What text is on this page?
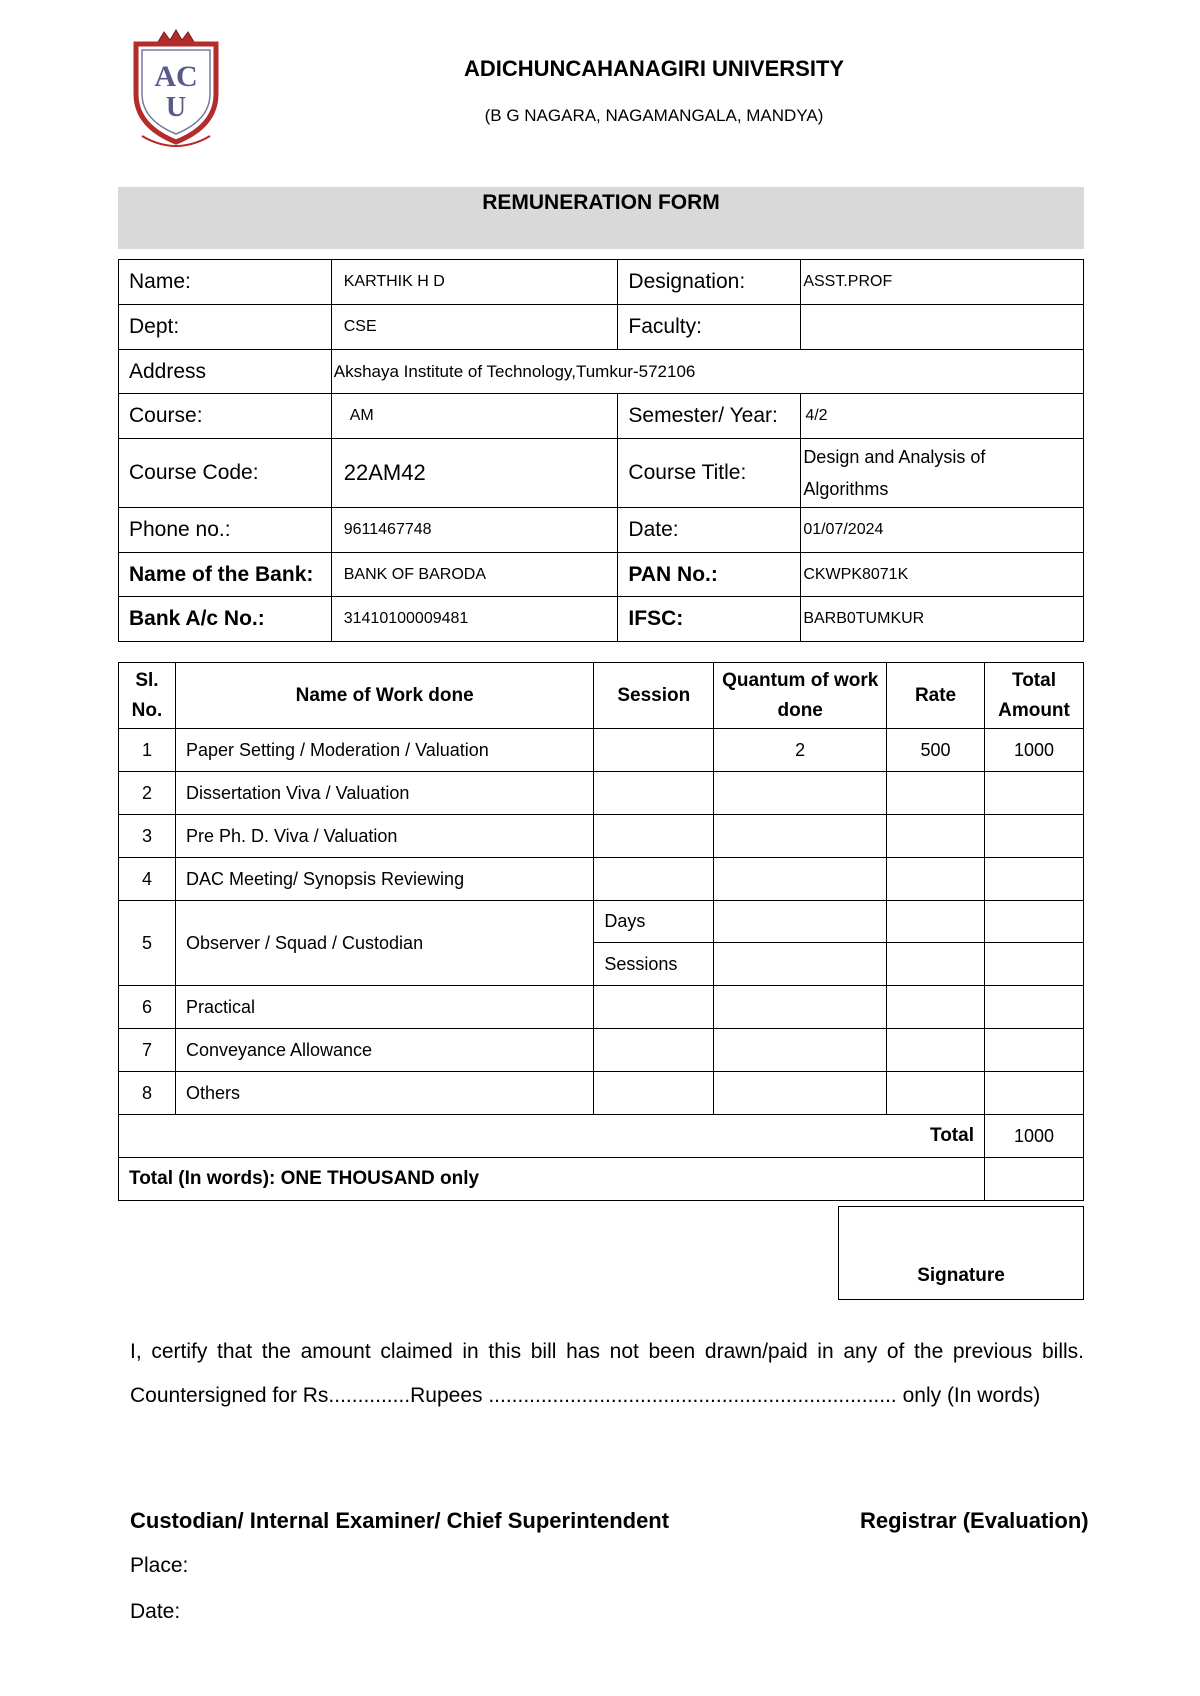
AC
U
ADICHUNCAHANAGIRI UNIVERSITY
(B G NAGARA, NAGAMANGALA, MANDYA)
REMUNERATION FORM
Name:	KARTHIK H D	Designation:	ASST.PROF
Dept:	CSE	Faculty:	
Address	Akshaya Institute of Technology,Tumkur-572106		
Course:	AM	Semester/ Year:	4/2
Course Code:	22AM42	Course Title:	Design and Analysis of Algorithms
Phone no.:	9611467748	Date:	01/07/2024
Name of the Bank:	BANK OF BARODA	PAN No.:	CKWPK8071K
Bank A/c No.:	31410100009481	IFSC:	BARB0TUMKUR
Sl. No.	Name of Work done	Session	Quantum of work done	Rate	Total Amount
1	Paper Setting / Moderation / Valuation		2	500	1000
2	Dissertation Viva / Valuation				
3	Pre Ph. D. Viva / Valuation				
4	DAC Meeting/ Synopsis Reviewing				
5	Observer / Squad / Custodian	Days			
		Sessions			
6	Practical				
7	Conveyance Allowance				
8	Others				
Total					1000
Total (In words): ONE THOUSAND only					
Signature
I, certify that the amount claimed in this bill has not been drawn/paid in any of the previous bills. Countersigned for Rs..............Rupees ...................................................................... only (In words)
Custodian/ Internal Examiner/ Chief Superintendent	Registrar (Evaluation)
Place:
Date:
